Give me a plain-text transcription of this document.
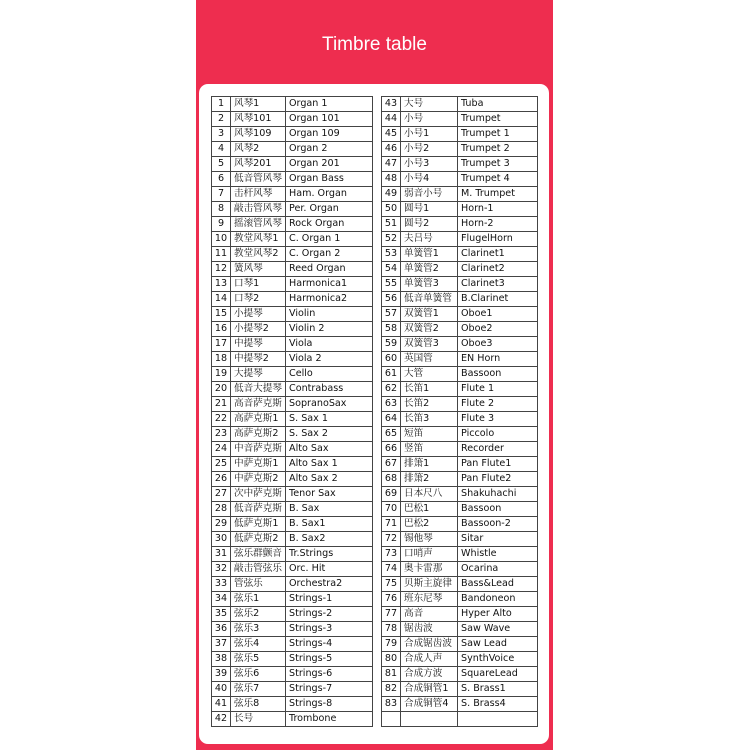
Timbre table
1	风琴1	Organ 1
2	风琴101	Organ 101
3	风琴109	Organ 109
4	风琴2	Organ 2
5	风琴201	Organ 201
6	低音管风琴	Organ Bass
7	击杆风琴	Ham. Organ
8	敲击管风琴	Per. Organ
9	摇滚管风琴	Rock Organ
10	教堂风琴1	C. Organ 1
11	教堂风琴2	C. Organ 2
12	簧风琴	Reed Organ
13	口琴1	Harmonica1
14	口琴2	Harmonica2
15	小提琴	Violin
16	小提琴2	Violin 2
17	中提琴	Viola
18	中提琴2	Viola 2
19	大提琴	Cello
20	低音大提琴	Contrabass
21	高音萨克斯	SopranoSax
22	高萨克斯1	S. Sax 1
23	高萨克斯2	S. Sax 2
24	中音萨克斯	Alto Sax
25	中萨克斯1	Alto Sax 1
26	中萨克斯2	Alto Sax 2
27	次中萨克斯	Tenor Sax
28	低音萨克斯	B. Sax
29	低萨克斯1	B. Sax1
30	低萨克斯2	B. Sax2
31	弦乐群颤音	Tr.Strings
32	敲击管弦乐	Orc. Hit
33	管弦乐	Orchestra2
34	弦乐1	Strings-1
35	弦乐2	Strings-2
36	弦乐3	Strings-3
37	弦乐4	Strings-4
38	弦乐5	Strings-5
39	弦乐6	Strings-6
40	弦乐7	Strings-7
41	弦乐8	Strings-8
42	长号	Trombone
43	大号	Tuba
44	小号	Trumpet
45	小号1	Trumpet 1
46	小号2	Trumpet 2
47	小号3	Trumpet 3
48	小号4	Trumpet 4
49	弱音小号	M. Trumpet
50	圆号1	Horn-1
51	圆号2	Horn-2
52	夫吕号	FlugelHorn
53	单簧管1	Clarinet1
54	单簧管2	Clarinet2
55	单簧管3	Clarinet3
56	低音单簧管	B.Clarinet
57	双簧管1	Oboe1
58	双簧管2	Oboe2
59	双簧管3	Oboe3
60	英国管	EN Horn
61	大管	Bassoon
62	长笛1	Flute 1
63	长笛2	Flute 2
64	长笛3	Flute 3
65	短笛	Piccolo
66	竖笛	Recorder
67	排箫1	Pan Flute1
68	排箫2	Pan Flute2
69	日本尺八	Shakuhachi
70	巴松1	Bassoon
71	巴松2	Bassoon-2
72	锡他琴	Sitar
73	口哨声	Whistle
74	奥卡雷那	Ocarina
75	贝斯主旋律	Bass&Lead
76	班东尼琴	Bandoneon
77	高音	Hyper Alto
78	锯齿波	Saw Wave
79	合成锯齿波	Saw Lead
80	合成人声	SynthVoice
81	合成方波	SquareLead
82	合成铜管1	S. Brass1
83	合成铜管4	S. Brass4
